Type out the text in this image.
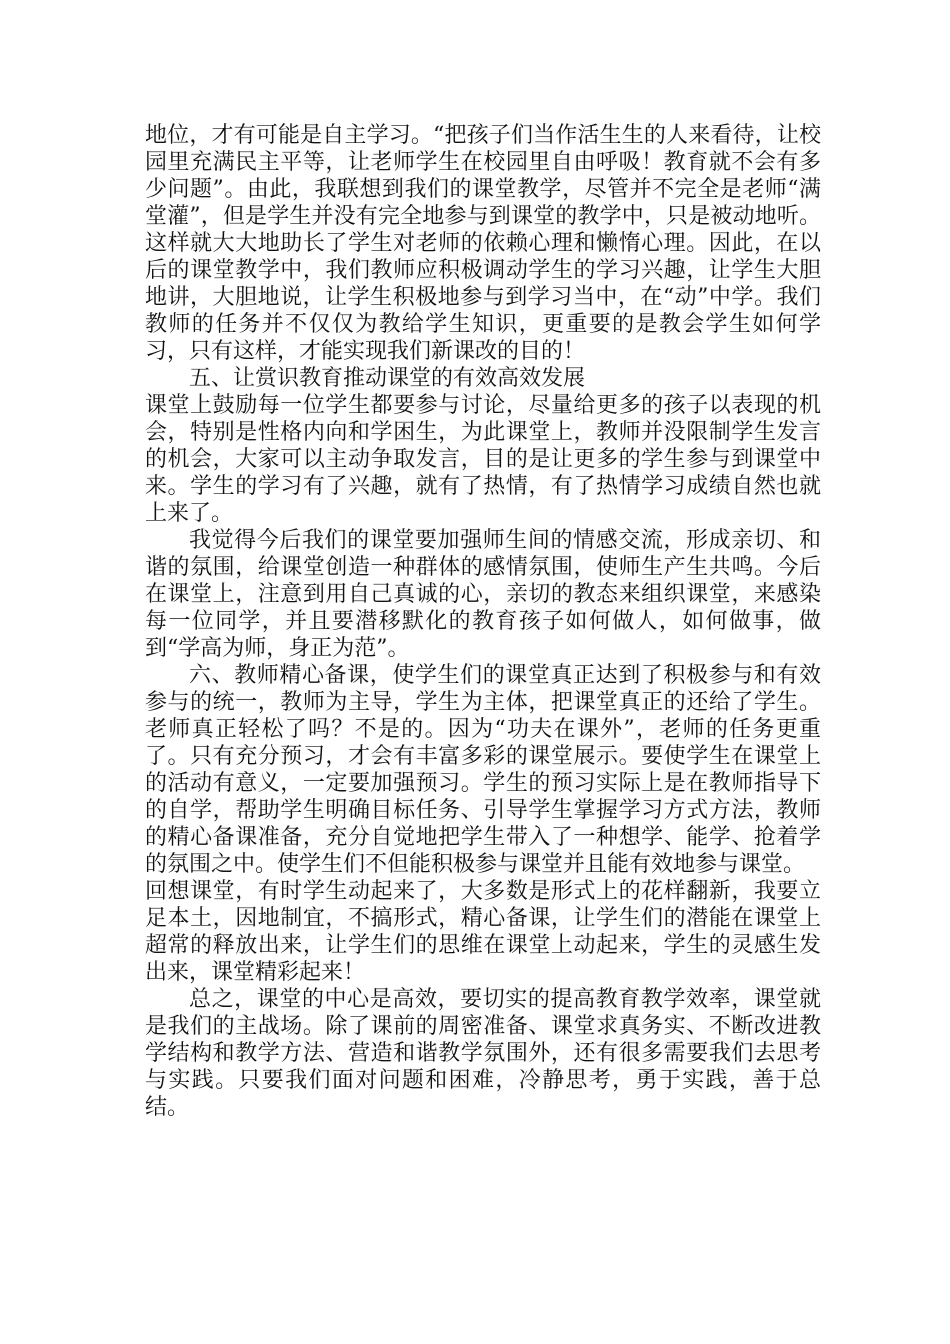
地位，才有可能是自主学习。“把孩子们当作活生生的人来看待，让校园里充满民主平等，让老师学生在校园里自由呼吸！教育就不会有多少问题”。由此，我联想到我们的课堂教学，尽管并不完全是老师“满堂灌”，但是学生并没有完全地参与到课堂的教学中，只是被动地听。这样就大大地助长了学生对老师的依赖心理和懒惰心理。因此，在以后的课堂教学中，我们教师应积极调动学生的学习兴趣，让学生大胆地讲，大胆地说，让学生积极地参与到学习当中，在“动”中学。我们教师的任务并不仅仅为教给学生知识，更重要的是教会学生如何学习，只有这样，才能实现我们新课改的目的！

五、让赏识教育推动课堂的有效高效发展

课堂上鼓励每一位学生都要参与讨论，尽量给更多的孩子以表现的机会，特别是性格内向和学困生，为此课堂上，教师并没限制学生发言的机会，大家可以主动争取发言，目的是让更多的学生参与到课堂中来。学生的学习有了兴趣，就有了热情，有了热情学习成绩自然也就上来了。

我觉得今后我们的课堂要加强师生间的情感交流，形成亲切、和谐的氛围，给课堂创造一种群体的感情氛围，使师生产生共鸣。今后在课堂上，注意到用自己真诚的心，亲切的教态来组织课堂，来感染每一位同学，并且要潜移默化的教育孩子如何做人，如何做事，做到“学高为师，身正为范”。

六、教师精心备课，使学生们的课堂真正达到了积极参与和有效参与的统一，教师为主导，学生为主体，把课堂真正的还给了学生。老师真正轻松了吗？不是的。因为“功夫在课外”，老师的任务更重了。只有充分预习，才会有丰富多彩的课堂展示。要使学生在课堂上的活动有意义，一定要加强预习。学生的预习实际上是在教师指导下的自学，帮助学生明确目标任务、引导学生掌握学习方式方法，教师的精心备课准备，充分自觉地把学生带入了一种想学、能学、抢着学的氛围之中。使学生们不但能积极参与课堂并且能有效地参与课堂。

回想课堂，有时学生动起来了，大多数是形式上的花样翻新，我要立足本土，因地制宜，不搞形式，精心备课，让学生们的潜能在课堂上超常的释放出来，让学生们的思维在课堂上动起来，学生的灵感生发出来，课堂精彩起来！

总之，课堂的中心是高效，要切实的提高教育教学效率，课堂就是我们的主战场。除了课前的周密准备、课堂求真务实、不断改进教学结构和教学方法、营造和谐教学氛围外，还有很多需要我们去思考与实践。只要我们面对问题和困难，冷静思考，勇于实践，善于总结。
